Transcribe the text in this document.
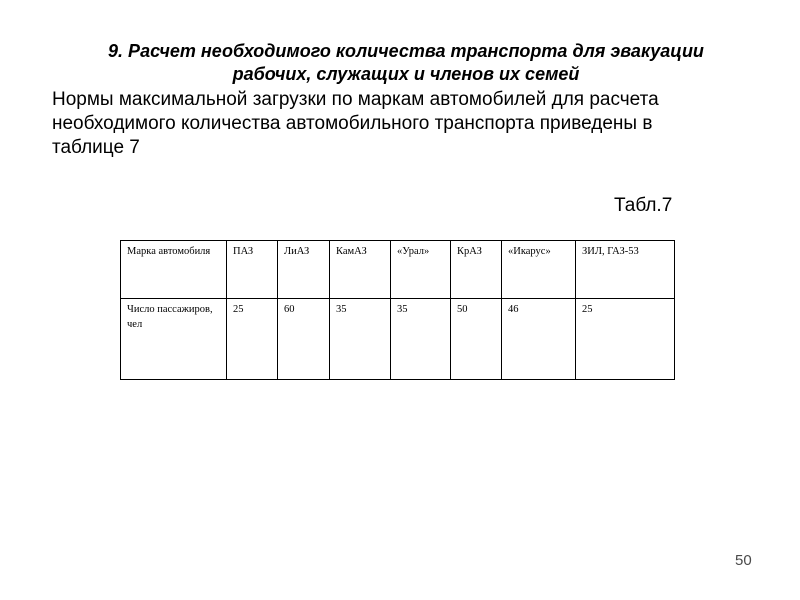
9. Расчет необходимого количества транспорта для эвакуации
рабочих, служащих и членов их семей
Нормы максимальной загрузки по маркам автомобилей для расчета
необходимого количества автомобильного транспорта приведены в
таблице 7
Табл.7
Марка автомобиля	ПАЗ	ЛиАЗ	КамАЗ	«Урал»	КрАЗ	«Икарус»	ЗИЛ, ГАЗ-53
Число пассажиров, чел	25	60	35	35	50	46	25
50
